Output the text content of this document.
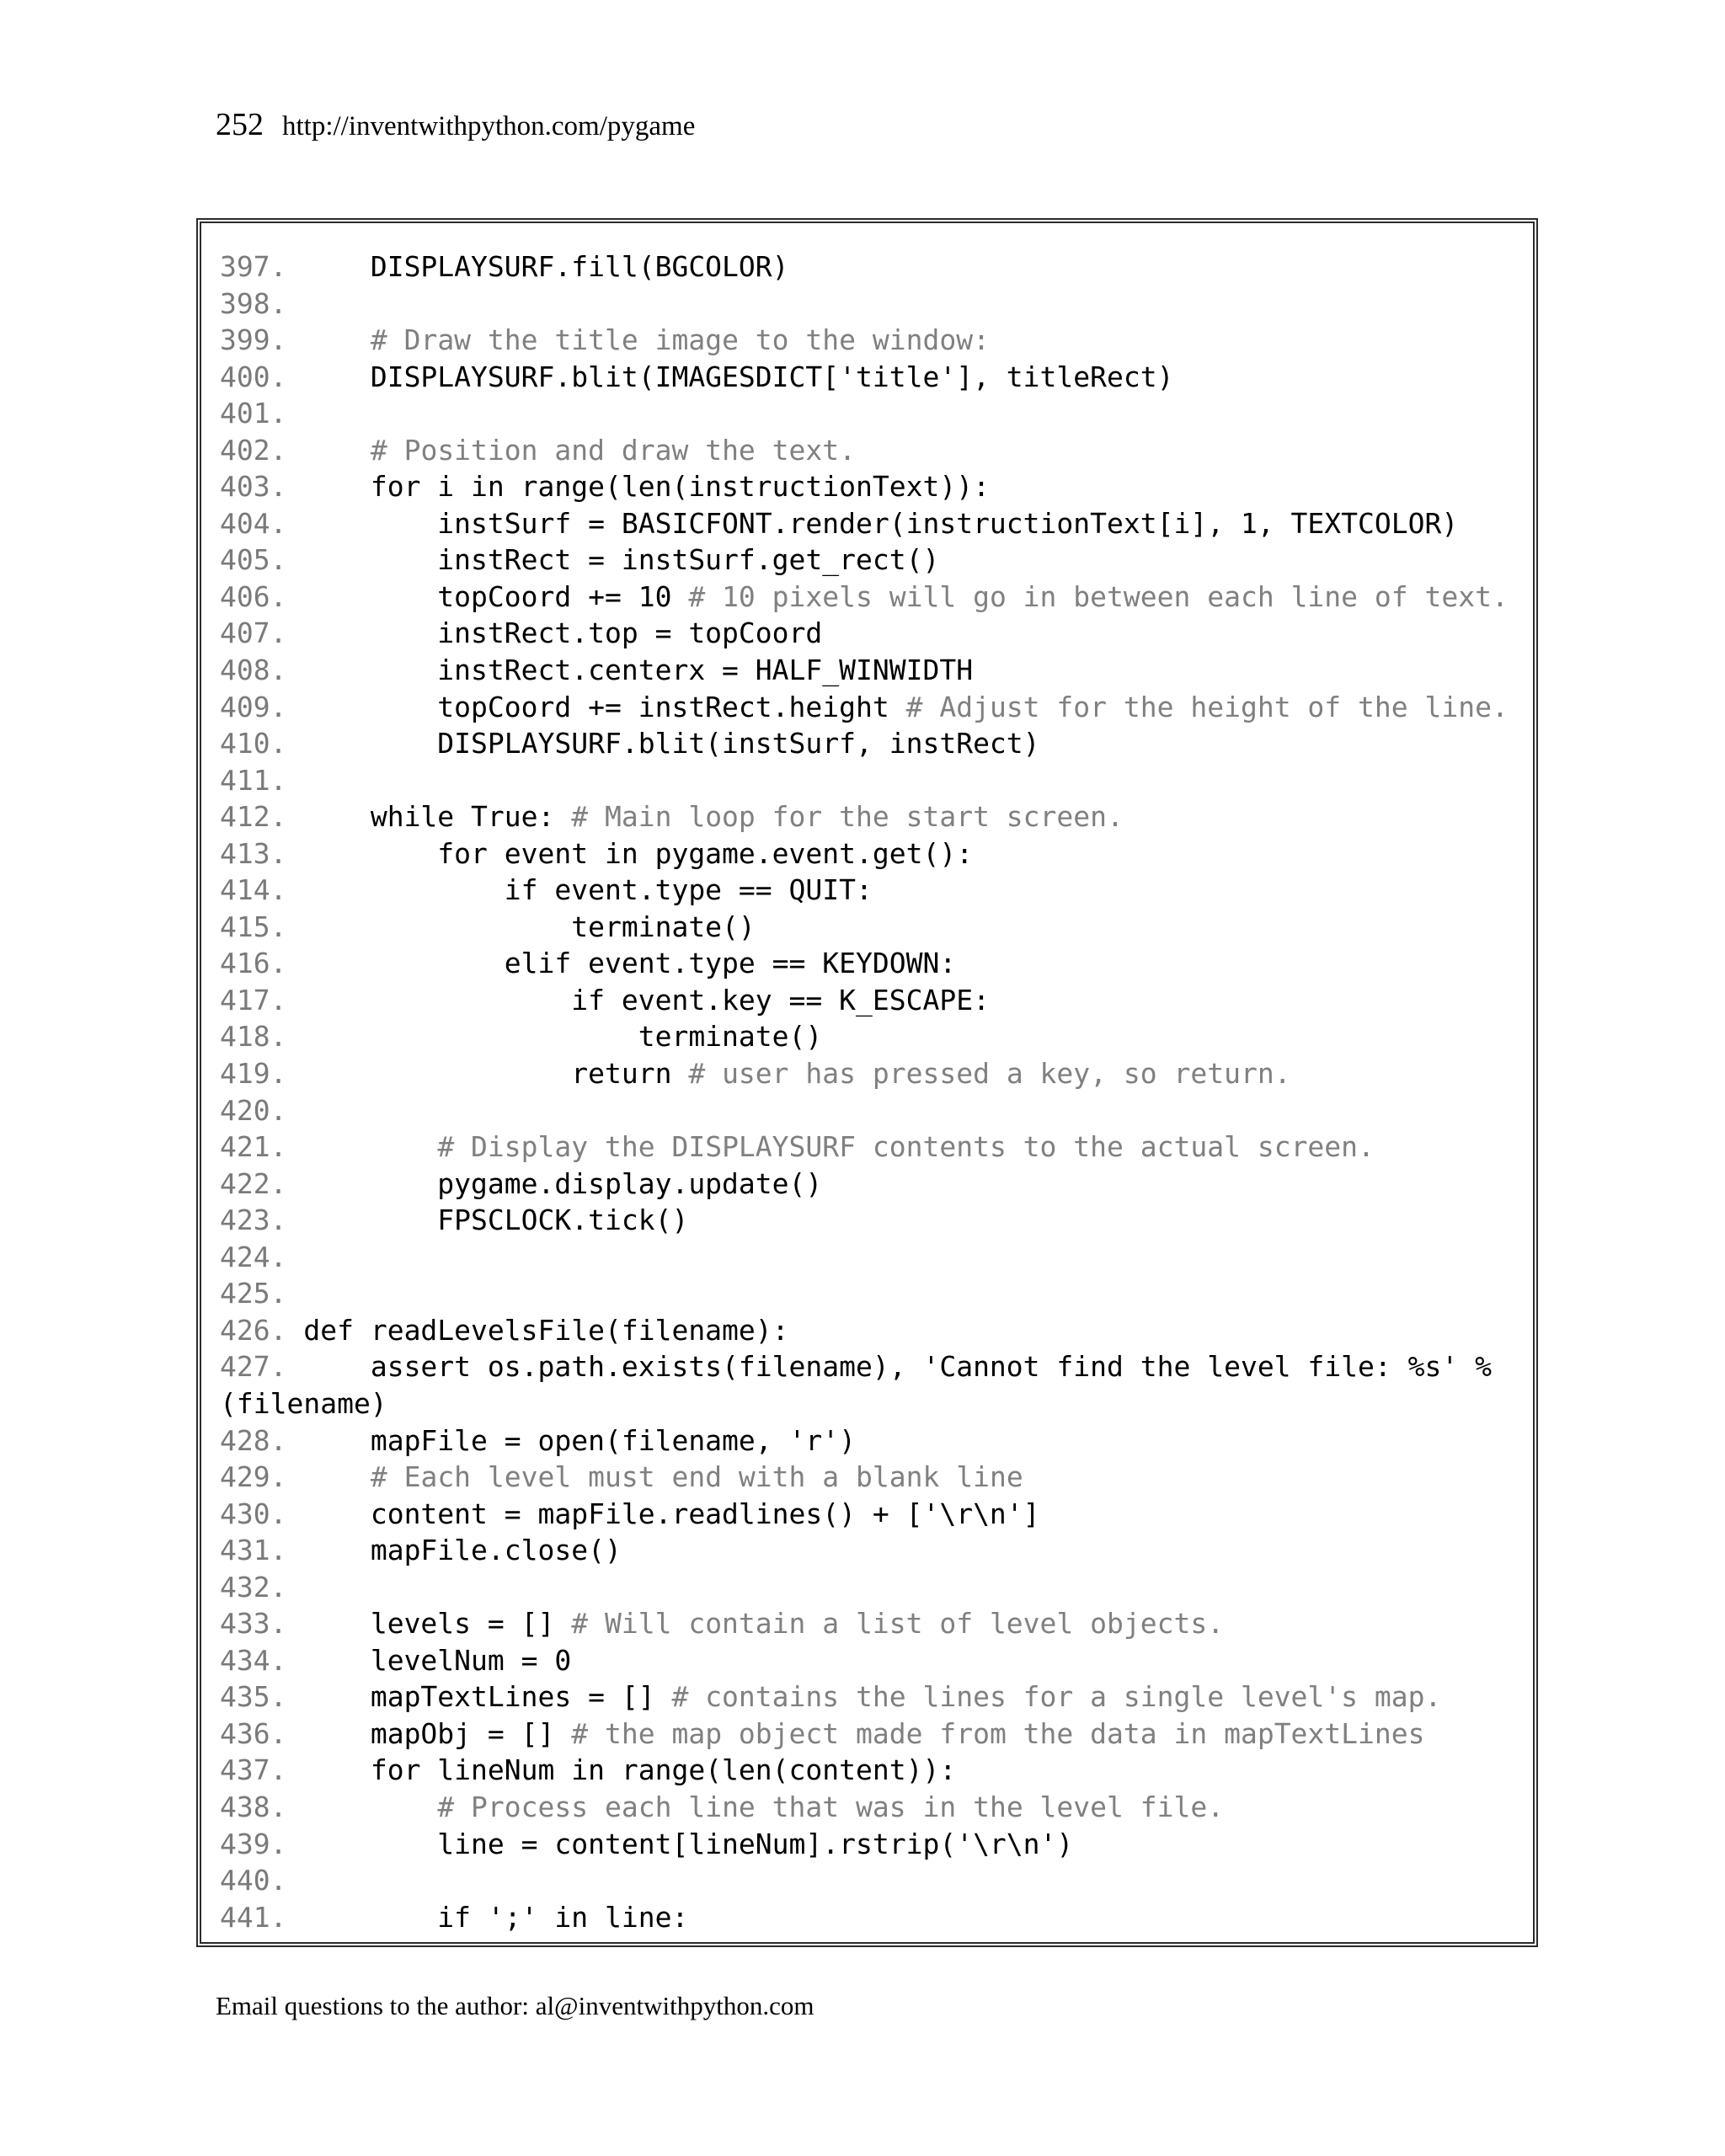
252 http://inventwithpython.com/pygame
397.     DISPLAYSURF.fill(BGCOLOR)
398.
399.	# Draw the title image to the window:
400.     DISPLAYSURF.blit(IMAGESDICT['title'], titleRect)
401.
402.	# Position and draw the text.
403.     for i in range(len(instructionText)):
404.         instSurf = BASICFONT.render(instructionText[i], 1, TEXTCOLOR)
405.         instRect = instSurf.get_rect()
406.         topCoord += 10 # 10 pixels will go in between each line of text.
407.         instRect.top = topCoord
408.         instRect.centerx = HALF_WINWIDTH
409.         topCoord += instRect.height # Adjust for the height of the line.
410.         DISPLAYSURF.blit(instSurf, instRect)
411.
412.     while True: # Main loop for the start screen.
413.         for event in pygame.event.get():
414.             if event.type == QUIT:
415.                 terminate()
416.             elif event.type == KEYDOWN:
417.                 if event.key == K_ESCAPE:
418.                     terminate()
419.                 return # user has pressed a key, so return.
420.
421.	# Display the DISPLAYSURF contents to the actual screen.
422.         pygame.display.update()
423.         FPSCLOCK.tick()
424.
425.
426. def readLevelsFile(filename):
427.     assert os.path.exists(filename), 'Cannot find the level file: %s' %
(filename)
428.     mapFile = open(filename, 'r')
429.	# Each level must end with a blank line
430.     content = mapFile.readlines() + ['\r\n']
431.     mapFile.close()
432.
433.     levels = [] # Will contain a list of level objects.
434.     levelNum = 0
435.     mapTextLines = [] # contains the lines for a single level's map.
436.     mapObj = [] # the map object made from the data in mapTextLines
437.     for lineNum in range(len(content)):
438.	# Process each line that was in the level file.
439.         line = content[lineNum].rstrip('\r\n')
440.
441.         if ';' in line:
Email questions to the author: al@inventwithpython.com
